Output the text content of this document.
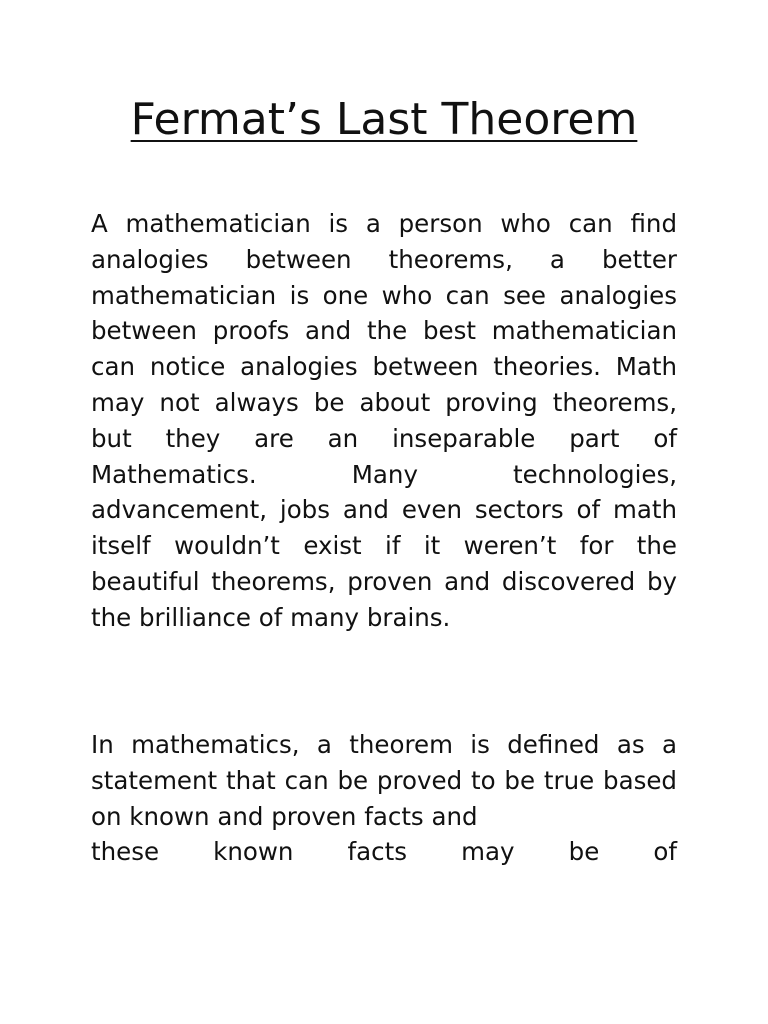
Fermat’s Last Theorem

A mathematician is a person who can find analogies between theorems, a better mathematician is one who can see analogies between proofs and the best mathematician can notice analogies between theories. Math may not always be about proving theorems, but they are an inseparable part of Mathematics. Many technologies, advancement, jobs and even sectors of math itself wouldn’t exist if it weren’t for the beautiful theorems, proven and discovered by the brilliance of many brains.

In mathematics, a theorem is defined as a statement that can be proved to be true based on known and proven facts and
these known facts may be of
